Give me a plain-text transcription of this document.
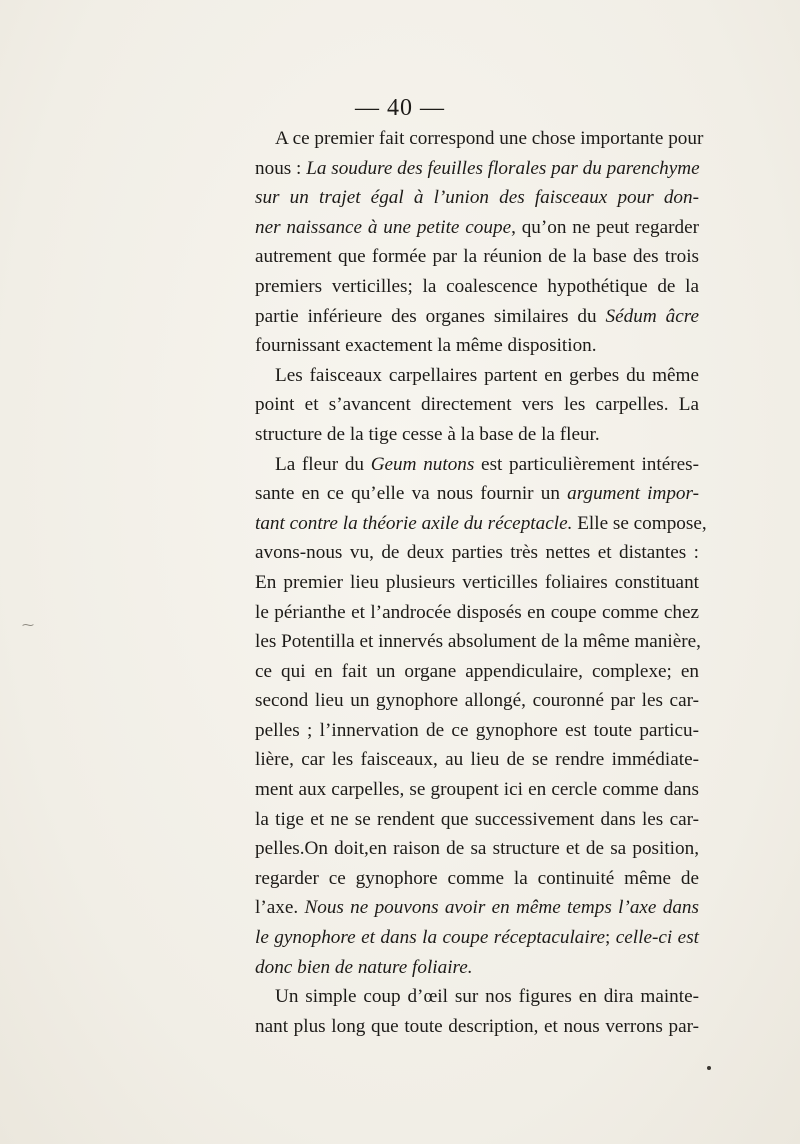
— 40 —
A ce premier fait correspond une chose importante pour
nous : La soudure des feuilles florales par du parenchyme
sur un trajet égal à l’union des faisceaux pour don-
ner naissance à une petite coupe, qu’on ne peut regarder
autrement que formée par la réunion de la base des trois
premiers verticilles; la coalescence hypothétique de la
partie inférieure des organes similaires du Sédum âcre
fournissant exactement la même disposition.
Les faisceaux carpellaires partent en gerbes du même
point et s’avancent directement vers les carpelles. La
structure de la tige cesse à la base de la fleur.
La fleur du Geum nutons est particulièrement intéres-
sante en ce qu’elle va nous fournir un argument impor-
tant contre la théorie axile du réceptacle. Elle se compose,
avons-nous vu, de deux parties très nettes et distantes :
En premier lieu plusieurs verticilles foliaires constituant
le périanthe et l’androcée disposés en coupe comme chez
les Potentilla et innervés absolument de la même manière,
ce qui en fait un organe appendiculaire, complexe; en
second lieu un gynophore allongé, couronné par les car-
pelles ; l’innervation de ce gynophore est toute particu-
lière, car les faisceaux, au lieu de se rendre immédiate-
ment aux carpelles, se groupent ici en cercle comme dans
la tige et ne se rendent que successivement dans les car-
pelles.On doit,en raison de sa structure et de sa position,
regarder ce gynophore comme la continuité même de
l’axe. Nous ne pouvons avoir en même temps l’axe dans
le gynophore et dans la coupe réceptaculaire; celle-ci est
donc bien de nature foliaire.
Un simple coup d’œil sur nos figures en dira mainte-
nant plus long que toute description, et nous verrons par-
⁓
